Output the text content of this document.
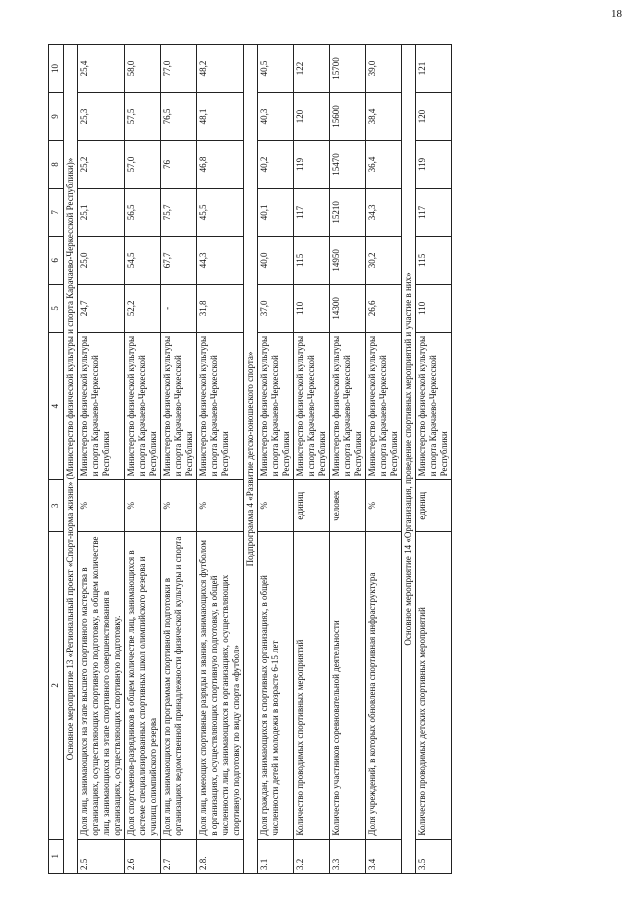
18
1	2	3	4	5	6	7	8	9	10
Основное мероприятие 13 «Региональный проект «Спорт-норма жизни» (Министерство физической культуры и спорта Карачаево-Черкесской Республики)»									
2.5	Доля лиц, занимающихся на этапе высшего спортивного мастерства в организациях, осуществляющих спортивную подготовку, в общем количестве лиц, занимающихся на этапе спортивного совершенствования в организациях, осуществляющих спортивную подготовку.	%	Министерство физической культуры и спорта Карачаево-Черкесской Республики	24,7	25,0	25,1	25,2	25,3	25,4
2.6	Доля спортсменов-разрядников в общем количестве лиц, занимающихся в системе специализированных спортивных школ олимпийского резерва и училищ олимпийского резерва	%	Министерство физической культуры и спорта Карачаево-Черкесской Республики	52,2	54,5	56,5	57,0	57,5	58,0
2.7	Доля лиц, занимающихся по программам спортивной подготовки в организациях ведомственной принадлежности физической культуры и спорта	%	Министерство физической культуры и спорта Карачаево-Черкесской Республики	-	67,7	75,7	76	76,5	77,0
2.8.	Доля лиц, имеющих спортивные разряды и звания, занимающихся футболом в организациях, осуществляющих спортивную подготовку, в общей численности лиц, занимающихся в организациях, осуществляющих спортивную подготовку по виду спорта «футбол»	%	Министерство физической культуры и спорта Карачаево-Черкесской Республики	31,8	44,3	45,5	46,8	48,1	48,2
Подпрограмма 4 «Развитие детско-юношеского спорта»									
3.1	Доля граждан, занимающихся в спортивных организациях, в общей численности детей и молодежи в возрасте 6-15 лет	%	Министерство физической культуры и спорта Карачаево-Черкесской Республики	37,0	40,0	40,1	40,2	40,3	40,5
3.2	Количество проводимых спортивных мероприятий	единиц	Министерство физической культуры и спорта Карачаево-Черкесской Республики	110	115	117	119	120	122
3.3	Количество участников соревновательной деятельности	человек	Министерство физической культуры и спорта Карачаево-Черкесской Республики	14300	14950	15210	15470	15600	15700
3.4	Доля учреждений, в которых обновлена спортивная инфраструктура	%	Министерство физической культуры и спорта Карачаево-Черкесской Республики	26,6	30,2	34,3	36,4	38,4	39,0
Основное мероприятие 14 «Организация, проведение спортивных мероприятий и участие в них»									
3.5	Количество проводимых детских спортивных мероприятий	единиц	Министерство физической культуры и спорта Карачаево-Черкесской Республики	110	115	117	119	120	121
